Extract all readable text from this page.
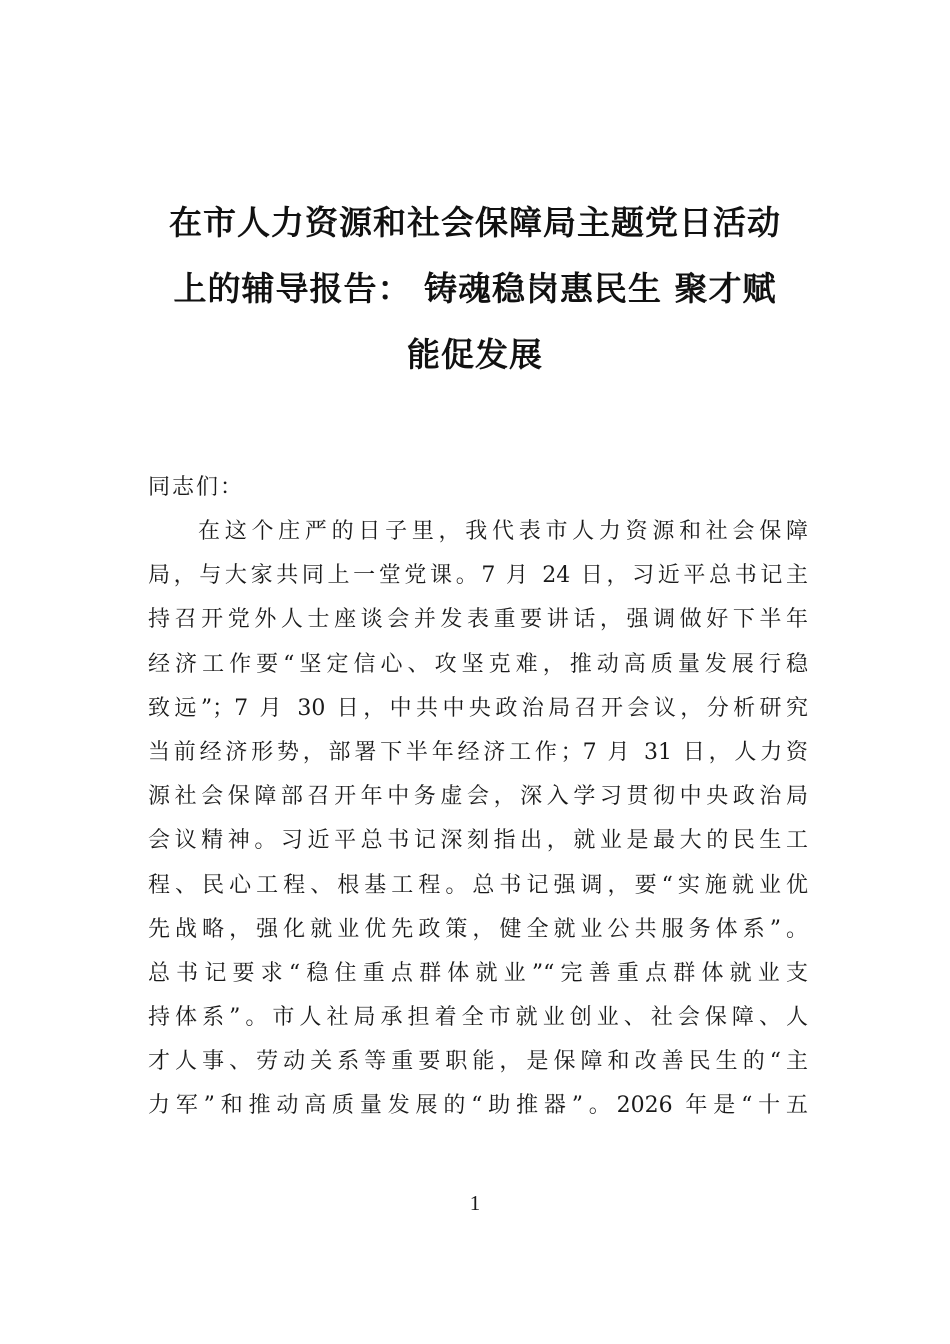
在市人力资源和社会保障局主题党日活动
上的辅导报告： 铸魂稳岗惠民生 聚才赋
能促发展
同志们：
在这个庄严的日子里，我代表市人力资源和社会保障
局，与大家共同上一堂党课。7 月 24 日，习近平总书记主
持召开党外人士座谈会并发表重要讲话，强调做好下半年
经济工作要“坚定信心、攻坚克难，推动高质量发展行稳
致远”；7 月 30 日，中共中央政治局召开会议，分析研究
当前经济形势，部署下半年经济工作；7 月 31 日，人力资
源社会保障部召开年中务虚会，深入学习贯彻中央政治局
会议精神。习近平总书记深刻指出，就业是最大的民生工
程、民心工程、根基工程。总书记强调，要“实施就业优
先战略，强化就业优先政策，健全就业公共服务体系”。
总书记要求“稳住重点群体就业”“完善重点群体就业支
持体系”。市人社局承担着全市就业创业、社会保障、人
才人事、劳动关系等重要职能，是保障和改善民生的“主
力军”和推动高质量发展的“助推器”。2026 年是“十五
1
